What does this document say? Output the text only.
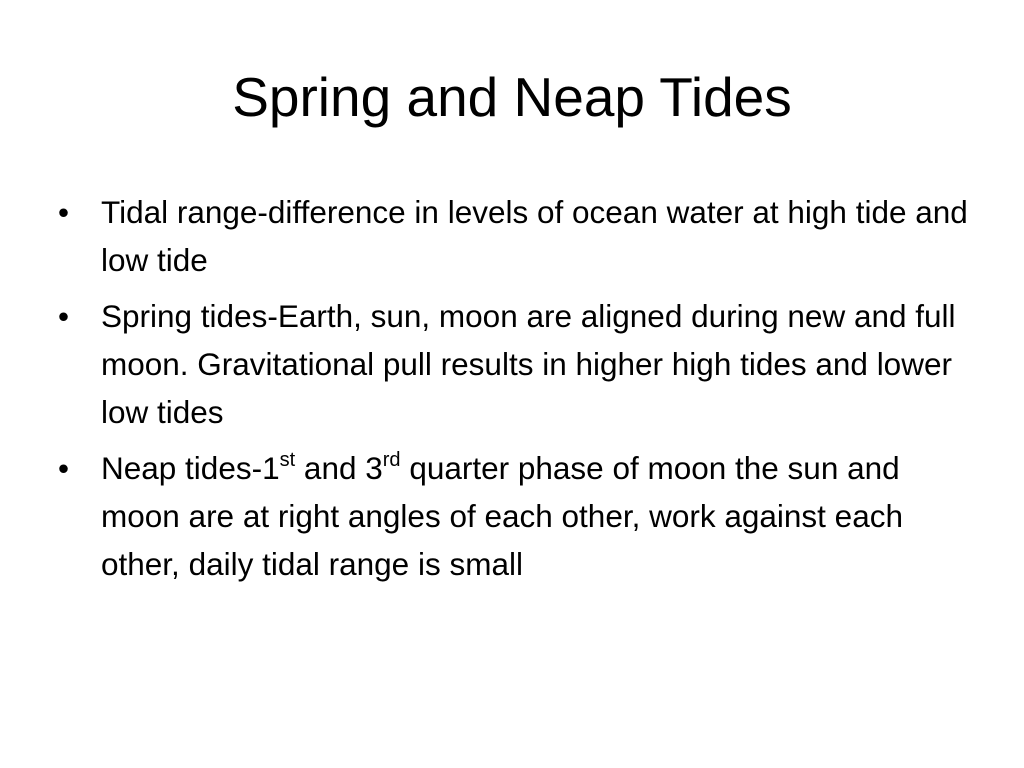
Spring and Neap Tides
•	Tidal range-difference in levels of ocean water at high tide and low tide
•	Spring tides-Earth, sun, moon are aligned during new and full moon. Gravitational pull results in higher high tides and lower low tides
•	Neap tides-1st and 3rd quarter phase of moon the sun and moon are at right angles of each other, work against each other, daily tidal range is small
